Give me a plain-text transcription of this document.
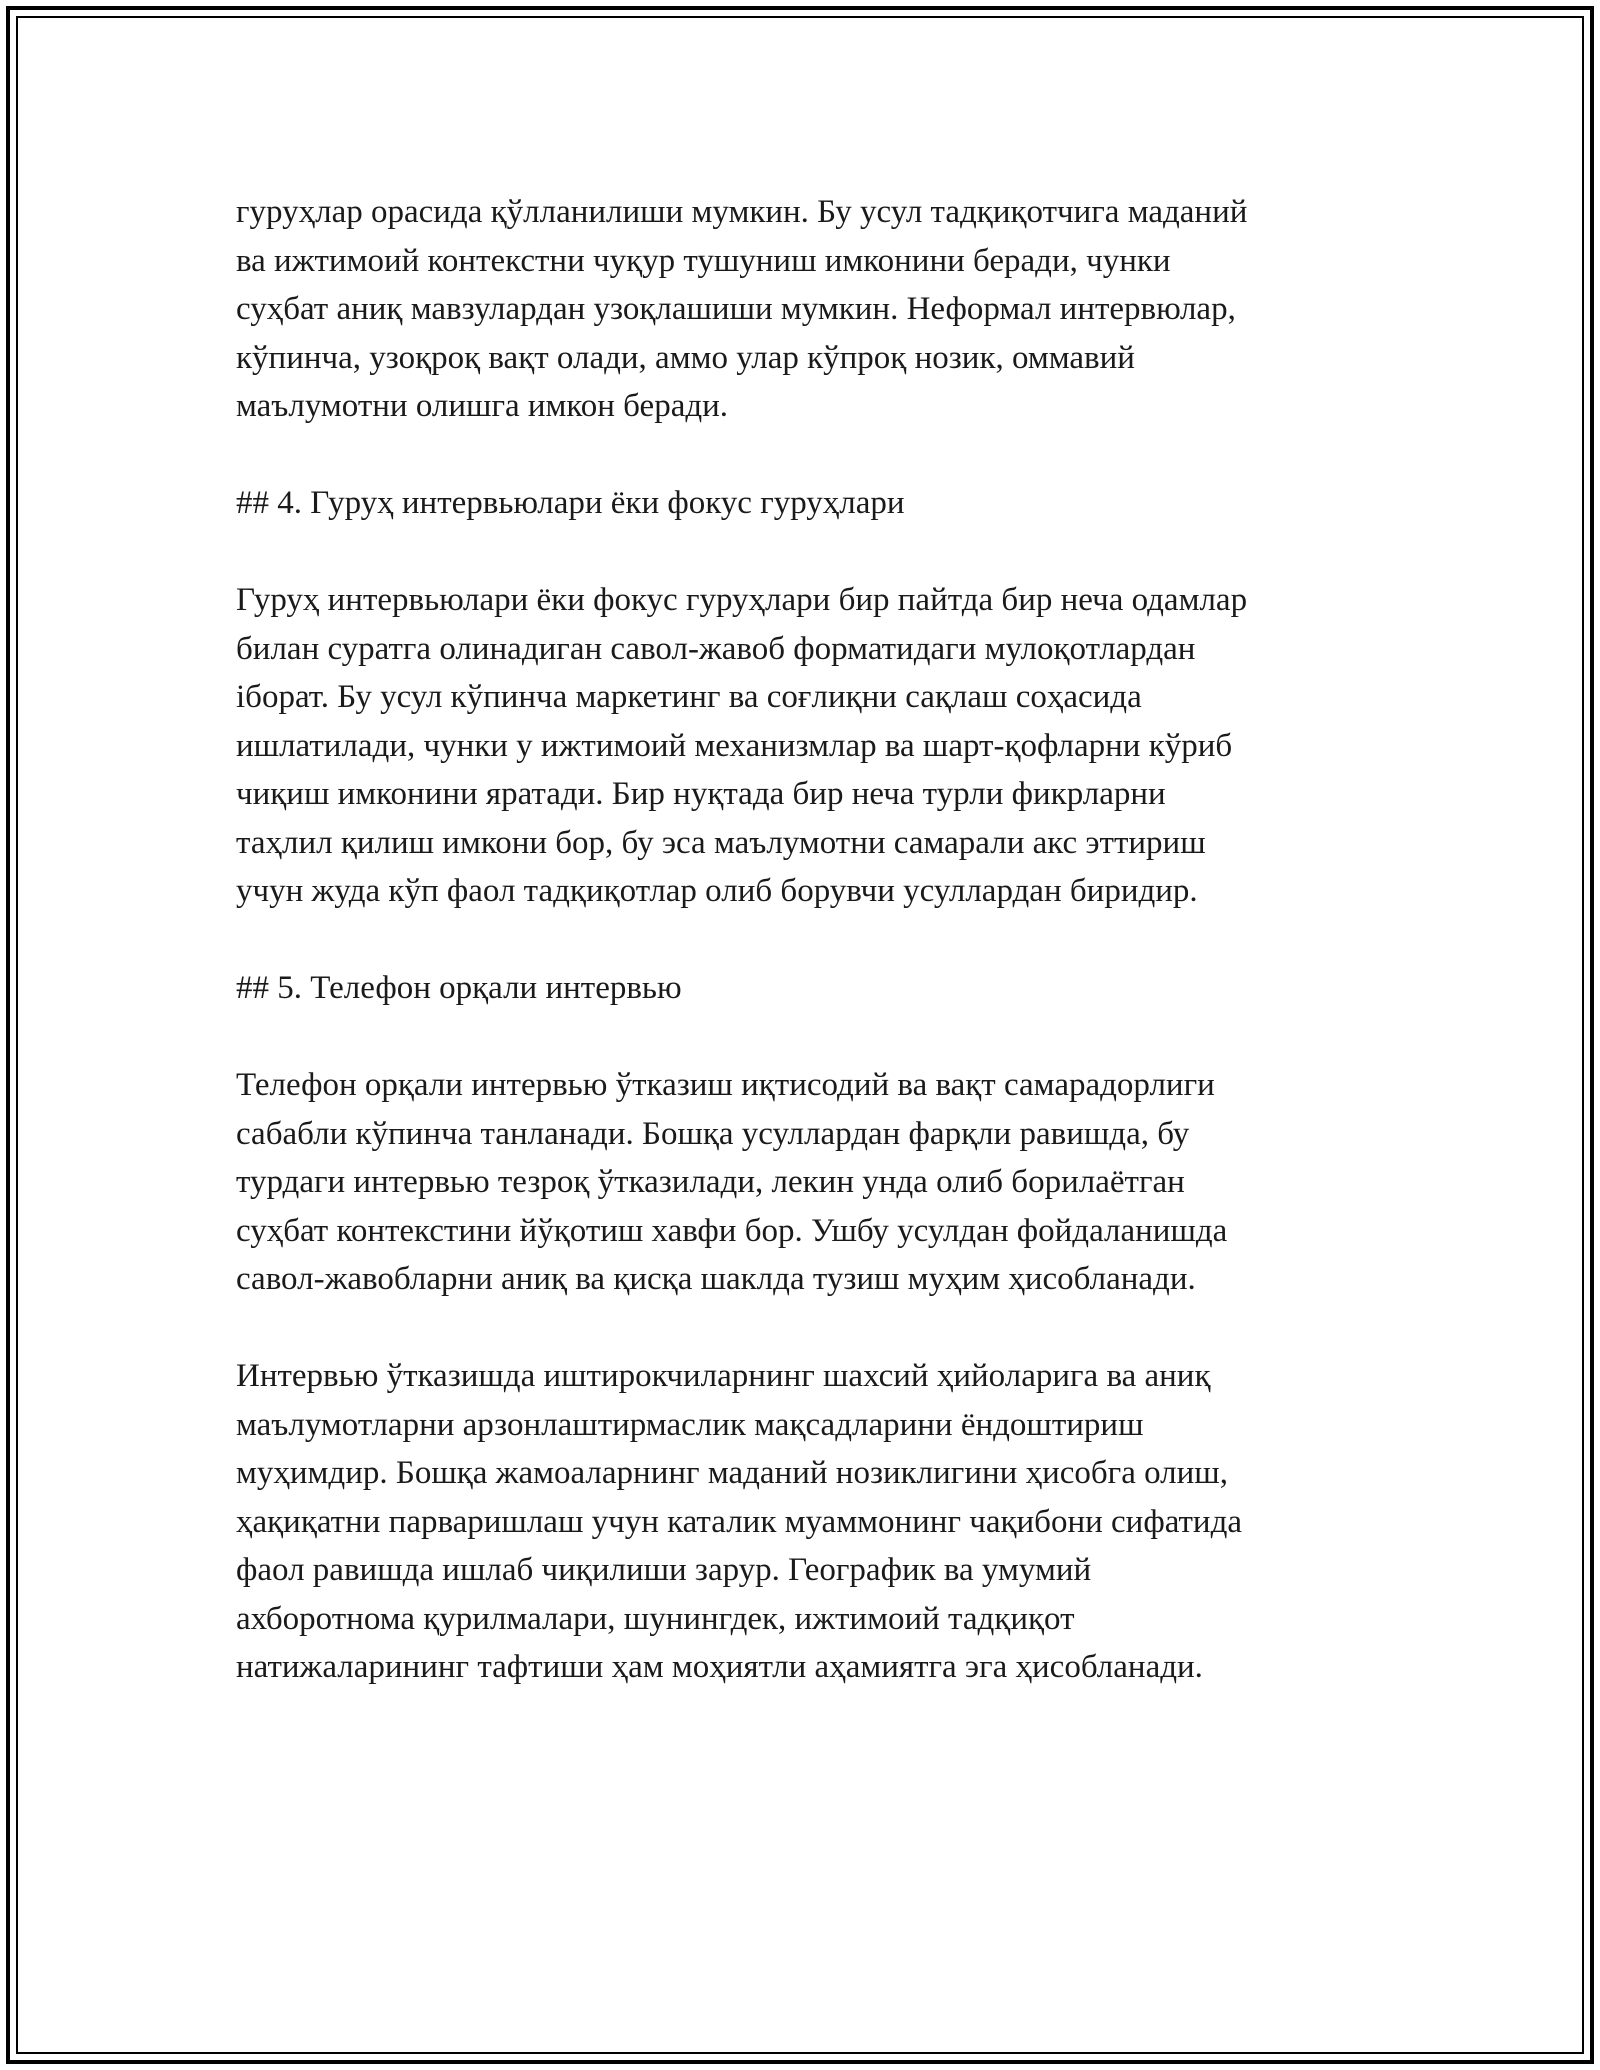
гуруҳлар орасида қўлланилиши мумкин. Бу усул тадқиқотчига маданий
ва ижтимоий контекстни чуқур тушуниш имконини беради, чунки
суҳбат аниқ мавзулардан узоқлашиши мумкин. Неформал интервюлар,
кўпинча, узоқроқ вақт олади, аммо улар кўпроқ нозик, оммавий
маълумотни олишга имкон беради.

## 4. Гуруҳ интервьюлари ёки фокус гуруҳлари

Гуруҳ интервьюлари ёки фокус гуруҳлари бир пайтда бир неча одамлар
билан суратга олинадиган савол-жавоб форматидаги мулоқотлардан
iборат. Бу усул кўпинча маркетинг ва соғлиқни сақлаш соҳасида
ишлатилади, чунки у ижтимоий механизмлар ва шарт-қофларни кўриб
чиқиш имконини яратади. Бир нуқтада бир неча турли фикрларни
таҳлил қилиш имкони бор, бу эса маълумотни самарали акс эттириш
учун жуда кўп фаол тадқиқотлар олиб борувчи усуллардан биридир.

## 5. Телефон орқали интервью

Телефон орқали интервью ўтказиш иқтисодий ва вақт самарадорлиги
сабабли кўпинча танланади. Бошқа усуллардан фарқли равишда, бу
турдаги интервью тезроқ ўтказилади, лекин унда олиб борилаётган
суҳбат контекстини йўқотиш хавфи бор. Ушбу усулдан фойдаланишда
савол-жавобларни аниқ ва қисқа шаклда тузиш муҳим ҳисобланади.

Интервью ўтказишда иштирокчиларнинг шахсий ҳийоларига ва аниқ
маълумотларни арзонлаштирмаслик мақсадларини ёндоштириш
муҳимдир. Бошқа жамоаларнинг маданий нозиклигини ҳисобга олиш,
ҳақиқатни парваришлаш учун каталик муаммонинг чақибони сифатида
фаол равишда ишлаб чиқилиши зарур. Географик ва умумий
ахборотнома қурилмалари, шунингдек, ижтимоий тадқиқот
натижаларининг тафтиши ҳам моҳиятли аҳамиятга эга ҳисобланади.
